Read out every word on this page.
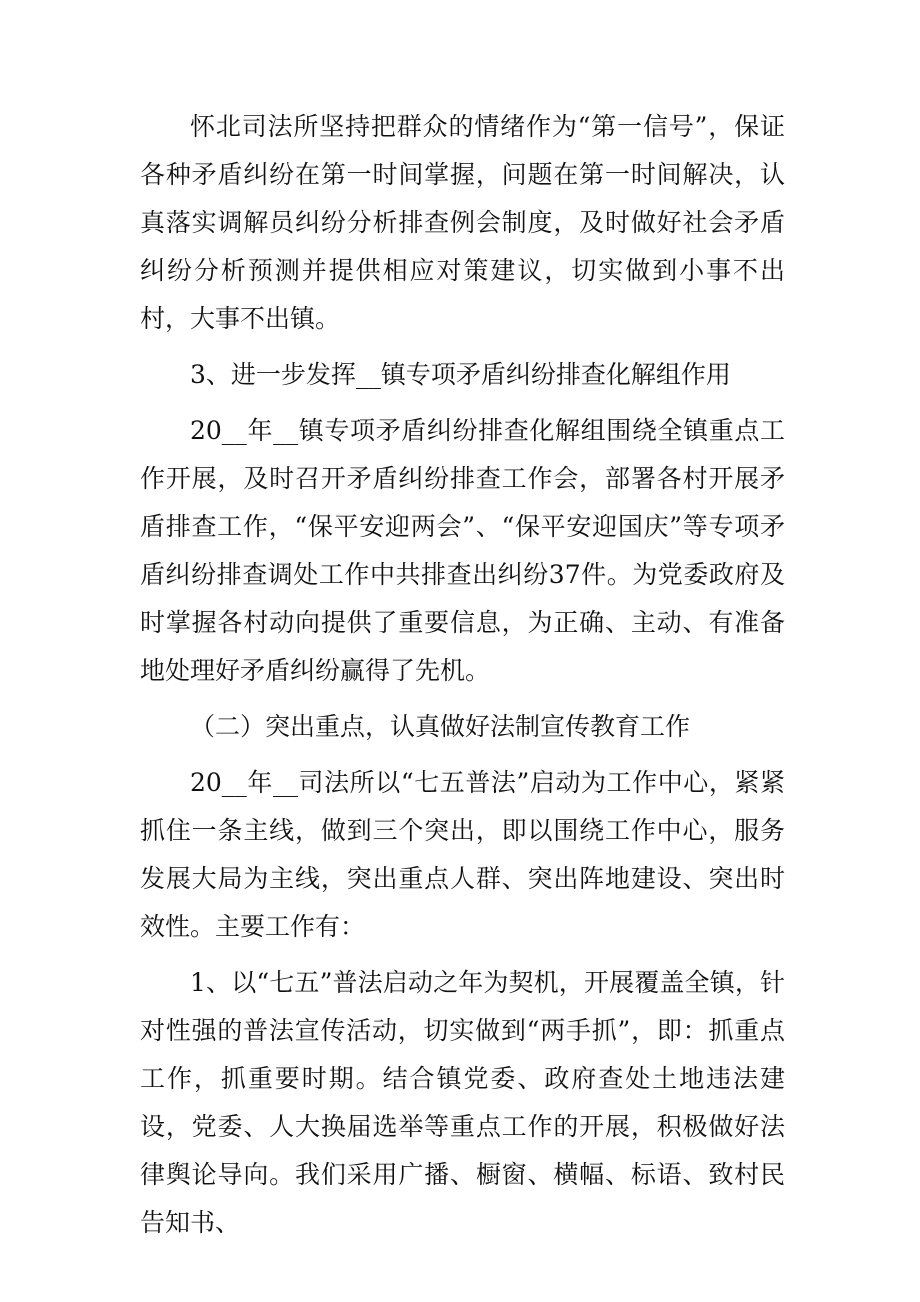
怀北司法所坚持把群众的情绪作为“第一信号”，保证各种矛盾纠纷在第一时间掌握，问题在第一时间解决，认真落实调解员纠纷分析排查例会制度，及时做好社会矛盾纠纷分析预测并提供相应对策建议，切实做到小事不出村，大事不出镇。

3、进一步发挥__镇专项矛盾纠纷排查化解组作用

20__年__镇专项矛盾纠纷排查化解组围绕全镇重点工作开展，及时召开矛盾纠纷排查工作会，部署各村开展矛盾排查工作，“保平安迎两会”、“保平安迎国庆”等专项矛盾纠纷排查调处工作中共排查出纠纷37件。为党委政府及时掌握各村动向提供了重要信息，为正确、主动、有准备地处理好矛盾纠纷赢得了先机。

（二）突出重点，认真做好法制宣传教育工作

20__年__司法所以“七五普法”启动为工作中心，紧紧抓住一条主线，做到三个突出，即以围绕工作中心，服务发展大局为主线，突出重点人群、突出阵地建设、突出时效性。主要工作有：

1、以“七五”普法启动之年为契机，开展覆盖全镇，针对性强的普法宣传活动，切实做到“两手抓”，即：抓重点工作，抓重要时期。结合镇党委、政府查处土地违法建设，党委、人大换届选举等重点工作的开展，积极做好法律舆论导向。我们采用广播、橱窗、横幅、标语、致村民告知书、
